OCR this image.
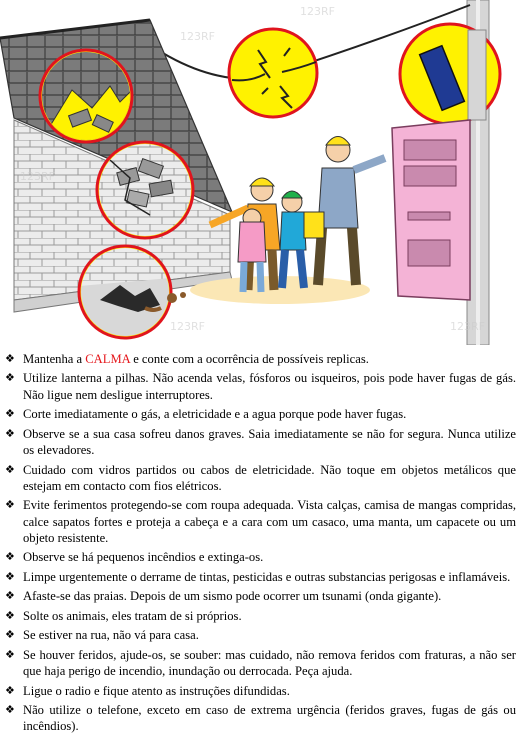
123RF
123RF
123RF
123RF	123RF
❖ Mantenha a CALMA e conte com a ocorrência de possíveis replicas.
❖ Utilize lanterna a pilhas. Não acenda velas, fósforos ou isqueiros, pois pode haver fugas de gás. Não ligue nem desligue interruptores.
❖ Corte imediatamente o gás, a eletricidade e a agua porque pode haver fugas.
❖ Observe se a sua casa sofreu danos graves. Saia imediatamente se não for segura. Nunca utilize os elevadores.
❖ Cuidado com vidros partidos ou cabos de eletricidade. Não toque em objetos metálicos que estejam em contacto com fios elétricos.
❖ Evite ferimentos protegendo-se com roupa adequada. Vista calças, camisa de mangas compridas, calce sapatos fortes e proteja a cabeça e a cara com um casaco, uma manta, um capacete ou um objeto resistente.
❖ Observe se há pequenos incêndios e extinga-os.
❖ Limpe urgentemente o derrame de tintas, pesticidas e outras substancias perigosas e inflamáveis.
❖ Afaste-se das praias. Depois de um sismo pode ocorrer um tsunami (onda gigante).
❖ Solte os animais, eles tratam de si próprios.
❖ Se estiver na rua, não vá para casa.
❖ Se houver feridos, ajude-os, se souber: mas cuidado, não remova feridos com fraturas, a não ser que haja perigo de incendio, inundação ou derrocada. Peça ajuda.
❖ Ligue o radio e fique atento as instruções difundidas.
❖ Não utilize o telefone, exceto em caso de extrema urgência (feridos graves, fugas de gás ou incêndios).
